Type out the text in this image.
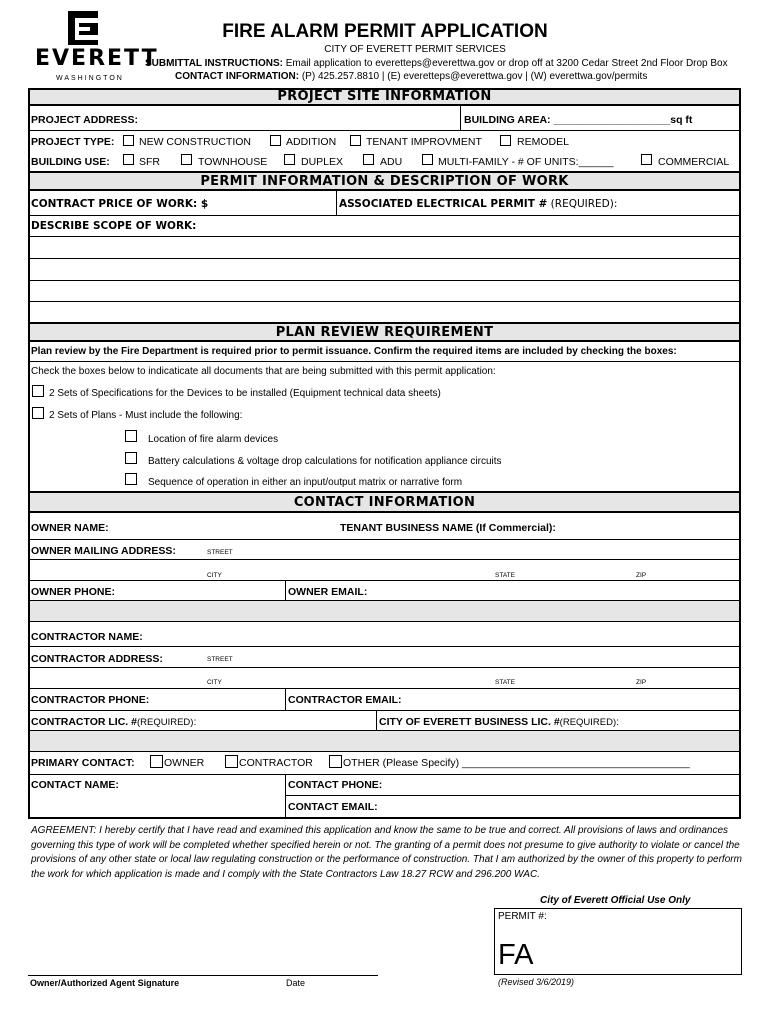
EVERETT
WASHINGTON
FIRE ALARM PERMIT APPLICATION
CITY OF EVERETT PERMIT SERVICES
SUBMITTAL INSTRUCTIONS: Email application to everetteps@everettwa.gov or drop off at 3200 Cedar Street 2nd Floor Drop Box
CONTACT INFORMATION: (P) 425.257.8810 | (E) everetteps@everettwa.gov | (W) everettwa.gov/permits
PROJECT SITE INFORMATION
PROJECT ADDRESS:	BUILDING AREA: ____________________sq ft
PROJECT TYPE: NEW CONSTRUCTION	ADDITION	TENANT IMPROVMENT	REMODEL
BUILDING USE:	SFR	TOWNHOUSE	DUPLEX	ADU	MULTI-FAMILY - # OF UNITS:______	COMMERCIAL
PERMIT INFORMATION & DESCRIPTION OF WORK
CONTRACT PRICE OF WORK: $	ASSOCIATED ELECTRICAL PERMIT # (REQUIRED):
DESCRIBE SCOPE OF WORK:
PLAN REVIEW REQUIREMENT
Plan review by the Fire Department is required prior to permit issuance. Confirm the required items are included by checking the boxes:
Check the boxes below to indicaticate all documents that are being submitted with this permit application:
2 Sets of Specifications for the Devices to be installed (Equipment technical data sheets)
2 Sets of Plans - Must include the following:
Location of fire alarm devices
Battery calculations & voltage drop calculations for notification appliance circuits
Sequence of operation in either an input/output matrix or narrative form
CONTACT INFORMATION
OWNER NAME:	TENANT BUSINESS NAME (If Commercial):
OWNER MAILING ADDRESS:	STREET
CITY	STATE	ZIP
OWNER PHONE:	OWNER EMAIL:
CONTRACTOR NAME:
CONTRACTOR ADDRESS:	STREET
CITY	STATE	ZIP
CONTRACTOR PHONE:	CONTRACTOR EMAIL:
CONTRACTOR LIC. #(REQUIRED):	CITY OF EVERETT BUSINESS LIC. #(REQUIRED):
PRIMARY CONTACT:	OWNER	CONTRACTOR	OTHER (Please Specify) _______________________________________
CONTACT NAME:	CONTACT PHONE:
CONTACT EMAIL:
AGREEMENT: I hereby certify that I have read and examined this application and know the same to be true and correct. All provisions of laws and ordinances governing this type of work will be completed whether specified herein or not. The granting of a permit does not presume to give authority to violate or cancel the provisions of any other state or local law regulating construction or the performance of construction. That I am authorized by the owner of this property to perform the work for which application is made and I comply with the State Contractors Law 18.27 RCW and 296.200 WAC.
City of Everett Official Use Only
PERMIT #:
FA
(Revised 3/6/2019)
Owner/Authorized Agent Signature	Date
